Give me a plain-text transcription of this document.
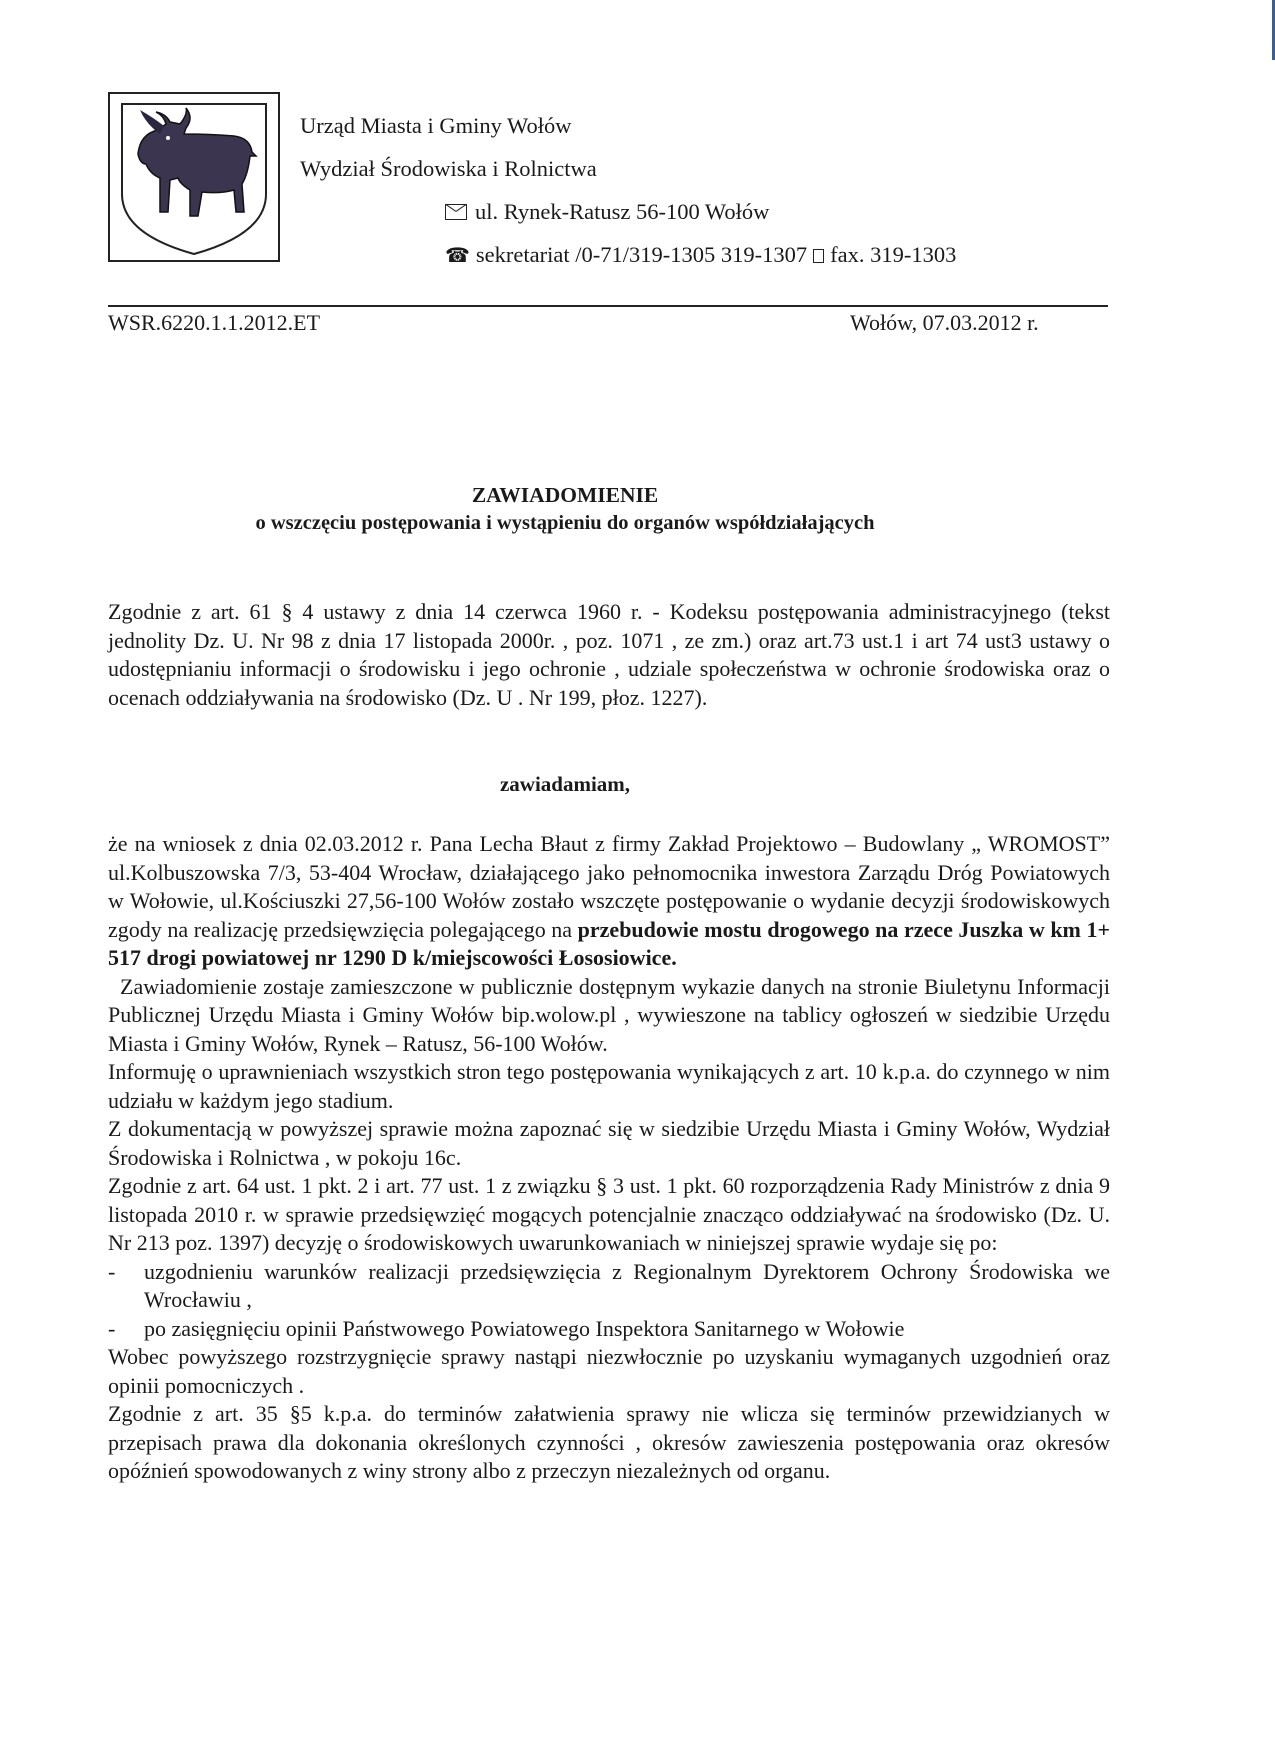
Urząd Miasta i Gminy Wołów
Wydział Środowiska i Rolnictwa
ul. Rynek-Ratusz 56-100 Wołów
☎ sekretariat /0-71/319-1305 319-1307 fax. 319-1303
WSR.6220.1.1.2012.ET	Wołów, 07.03.2012 r.
ZAWIADOMIENIE
o wszczęciu postępowania i wystąpieniu do organów współdziałających
Zgodnie z art. 61 § 4 ustawy z dnia 14 czerwca 1960 r. - Kodeksu postępowania administracyjnego (tekst jednolity Dz. U. Nr 98 z dnia 17 listopada 2000r. , poz. 1071 , ze zm.) oraz art.73 ust.1 i art 74 ust3 ustawy o udostępnianiu informacji o środowisku i jego ochronie , udziale społeczeństwa w ochronie środowiska oraz o ocenach oddziaływania na środowisko (Dz. U . Nr 199, płoz. 1227).
zawiadamiam,
że na wniosek z dnia 02.03.2012 r. Pana Lecha Błaut z firmy Zakład Projektowo – Budowlany „ WROMOST” ul.Kolbuszowska 7/3, 53-404 Wrocław, działającego jako pełnomocnika inwestora Zarządu Dróg Powiatowych w Wołowie, ul.Kościuszki 27,56-100 Wołów zostało wszczęte postępowanie o wydanie decyzji środowiskowych zgody na realizację przedsięwzięcia polegającego na przebudowie mostu drogowego na rzece Juszka w km 1+ 517 drogi powiatowej nr 1290 D k/miejscowości Łososiowice.
Zawiadomienie zostaje zamieszczone w publicznie dostępnym wykazie danych na stronie Biuletynu Informacji Publicznej Urzędu Miasta i Gminy Wołów bip.wolow.pl , wywieszone na tablicy ogłoszeń w siedzibie Urzędu Miasta i Gminy Wołów, Rynek – Ratusz, 56-100 Wołów.
Informuję o uprawnieniach wszystkich stron tego postępowania wynikających z art. 10 k.p.a. do czynnego w nim udziału w każdym jego stadium.
Z dokumentacją w powyższej sprawie można zapoznać się w siedzibie Urzędu Miasta i Gminy Wołów, Wydział Środowiska i Rolnictwa , w pokoju 16c.
Zgodnie z art. 64 ust. 1 pkt. 2 i art. 77 ust. 1 z związku § 3 ust. 1 pkt. 60 rozporządzenia Rady Ministrów z dnia 9 listopada 2010 r. w sprawie przedsięwzięć mogących potencjalnie znacząco oddziaływać na środowisko (Dz. U. Nr 213 poz. 1397) decyzję o środowiskowych uwarunkowaniach w niniejszej sprawie wydaje się po:
- uzgodnieniu warunków realizacji przedsięwzięcia z Regionalnym Dyrektorem Ochrony Środowiska we Wrocławiu ,
- po zasięgnięciu opinii Państwowego Powiatowego Inspektora Sanitarnego w Wołowie
Wobec powyższego rozstrzygnięcie sprawy nastąpi niezwłocznie po uzyskaniu wymaganych uzgodnień oraz opinii pomocniczych .
Zgodnie z art. 35 §5 k.p.a. do terminów załatwienia sprawy nie wlicza się terminów przewidzianych w przepisach prawa dla dokonania określonych czynności , okresów zawieszenia postępowania oraz okresów opóźnień spowodowanych z winy strony albo z przeczyn niezależnych od organu.
